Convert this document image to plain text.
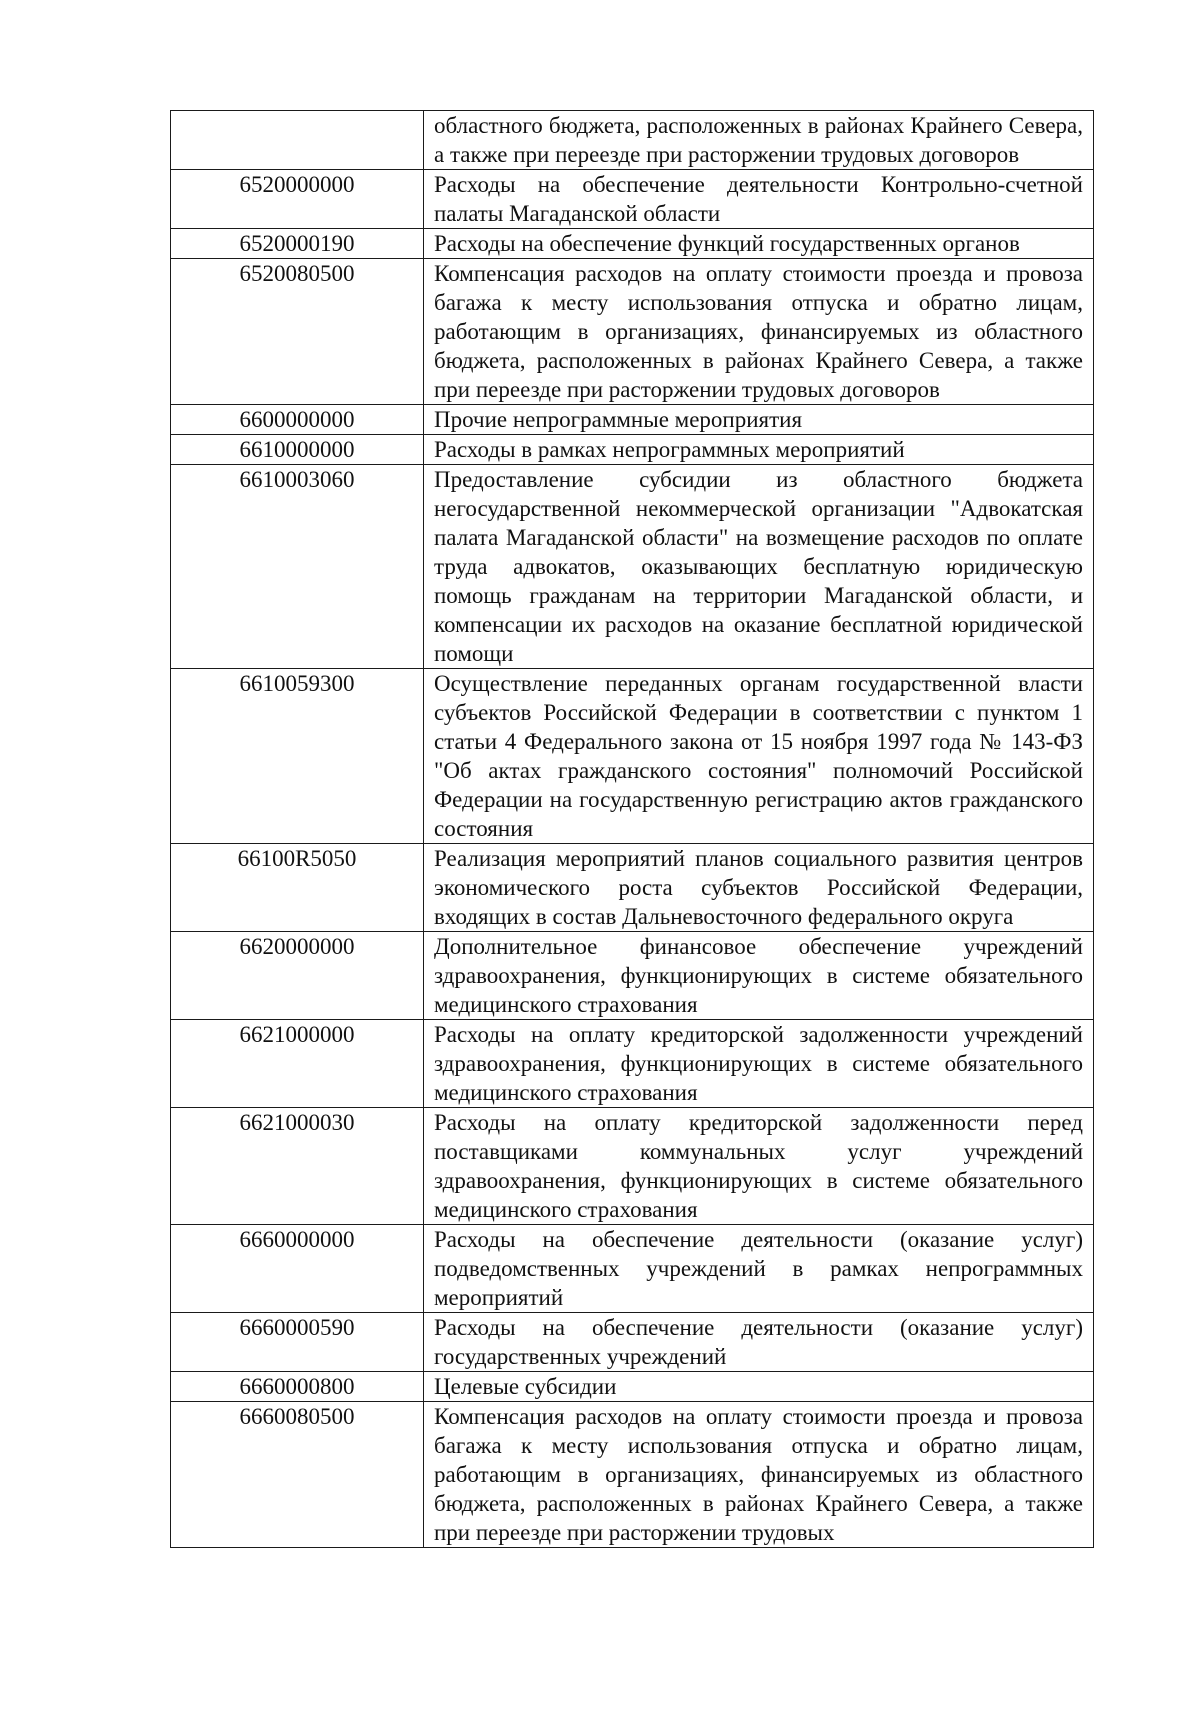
	областного бюджета, расположенных в районах Крайнего Севера, а также при переезде при расторжении трудовых договоров
6520000000	Расходы на обеспечение деятельности Контрольно-счетной палаты Магаданской области
6520000190	Расходы на обеспечение функций государственных органов
6520080500	Компенсация расходов на оплату стоимости проезда и провоза багажа к месту использования отпуска и обратно лицам, работающим в организациях, финансируемых из областного бюджета, расположенных в районах Крайнего Севера, а также при переезде при расторжении трудовых договоров
6600000000	Прочие непрограммные мероприятия
6610000000	Расходы в рамках непрограммных мероприятий
6610003060	Предоставление субсидии из областного бюджета негосударственной некоммерческой организации "Адвокатская палата Магаданской области" на возмещение расходов по оплате труда адвокатов, оказывающих бесплатную юридическую помощь гражданам на территории Магаданской области, и компенсации их расходов на оказание бесплатной юридической помощи
6610059300	Осуществление переданных органам государственной власти субъектов Российской Федерации в соответствии с пунктом 1 статьи 4 Федерального закона от 15 ноября 1997 года № 143-ФЗ "Об актах гражданского состояния" полномочий Российской Федерации на государственную регистрацию актов гражданского состояния
66100R5050	Реализация мероприятий планов социального развития центров экономического роста субъектов Российской Федерации, входящих в состав Дальневосточного федерального округа
6620000000	Дополнительное финансовое обеспечение учреждений здравоохранения, функционирующих в системе обязательного медицинского страхования
6621000000	Расходы на оплату кредиторской задолженности учреждений здравоохранения, функционирующих в системе обязательного медицинского страхования
6621000030	Расходы на оплату кредиторской задолженности перед поставщиками коммунальных услуг учреждений здравоохранения, функционирующих в системе обязательного медицинского страхования
6660000000	Расходы на обеспечение деятельности (оказание услуг) подведомственных учреждений в рамках непрограммных мероприятий
6660000590	Расходы на обеспечение деятельности (оказание услуг) государственных учреждений
6660000800	Целевые субсидии
6660080500	Компенсация расходов на оплату стоимости проезда и провоза багажа к месту использования отпуска и обратно лицам, работающим в организациях, финансируемых из областного бюджета, расположенных в районах Крайнего Севера, а также при переезде при расторжении трудовых
